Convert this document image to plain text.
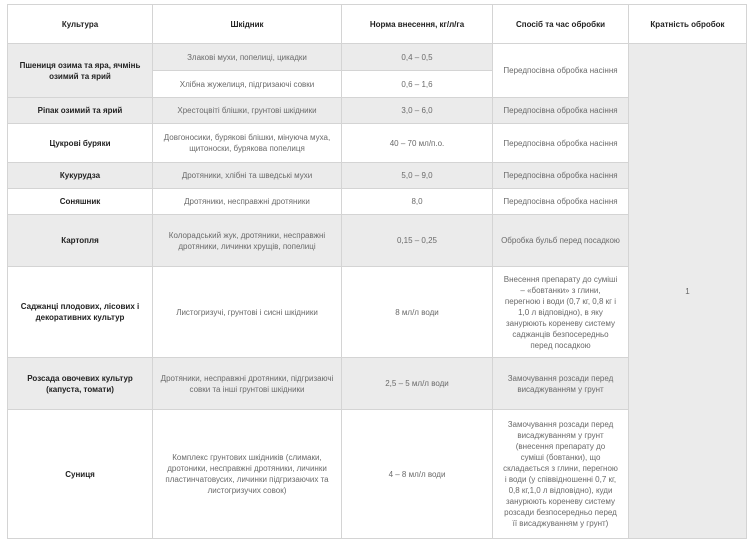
Культура	Шкідник	Норма внесення, кг/л/га	Спосіб та час обробки	Кратність обробок
Пшениця озима та яра, ячмінь озимий та ярий	Злакові мухи, попелиці, цикадки	0,4 – 0,5	Передпосівна обробка насіння	1
	Хлібна жужелиця, підгризаючі совки	0,6 – 1,6		
Ріпак озимий та ярий	Хрестоцвіті блішки, грунтові шкідники	3,0 – 6,0	Передпосівна обробка насіння	
Цукрові буряки	Довгоносики, бурякові блішки, мінуюча муха, щитоноски, бурякова попелиця	40 – 70 мл/п.о.	Передпосівна обробка насіння	
Кукурудза	Дротяники, хлібні та шведські мухи	5,0 – 9,0	Передпосівна обробка насіння	
Соняшник	Дротяники, несправжні дротяники	8,0	Передпосівна обробка насіння	
Картопля	Колорадський жук, дротяники, несправжні дротяники, личинки хрущів, попелиці	0,15 – 0,25	Обробка бульб перед посадкою	
Саджанці плодових, лісових і декоративних культур	Листогризучі, грунтові і сисні шкідники	8 мл/л води	Внесення препарату до суміші – «бовтанки» з глини, перегною і води (0,7 кг, 0,8 кг і 1,0 л відповідно), в яку занурюють кореневу систему саджанців безпосередньо перед посадкою	
Розсада овочевих культур (капуста, томати)	Дротяники, несправжні дротяники, підгризаючі совки та інші грунтові шкідники	2,5 – 5 мл/л води	Замочування розсади перед висаджуванням у грунт	
Суниця	Комплекс грунтових шкідників (слимаки, дротоники, несправжні дротяники, личинки пластинчатовусих, личинки підгризаючих та листогризучих совок)	4 – 8 мл/л води	Замочування розсади перед висаджуванням у грунт (внесення препарату до суміші (бовтанки), що складається з глини, перегною і води (у співвідношенні 0,7 кг, 0,8 кг,1,0 л відповідно), куди занурюють кореневу систему розсади безпосередньо перед її висаджуванням у грунт)	
